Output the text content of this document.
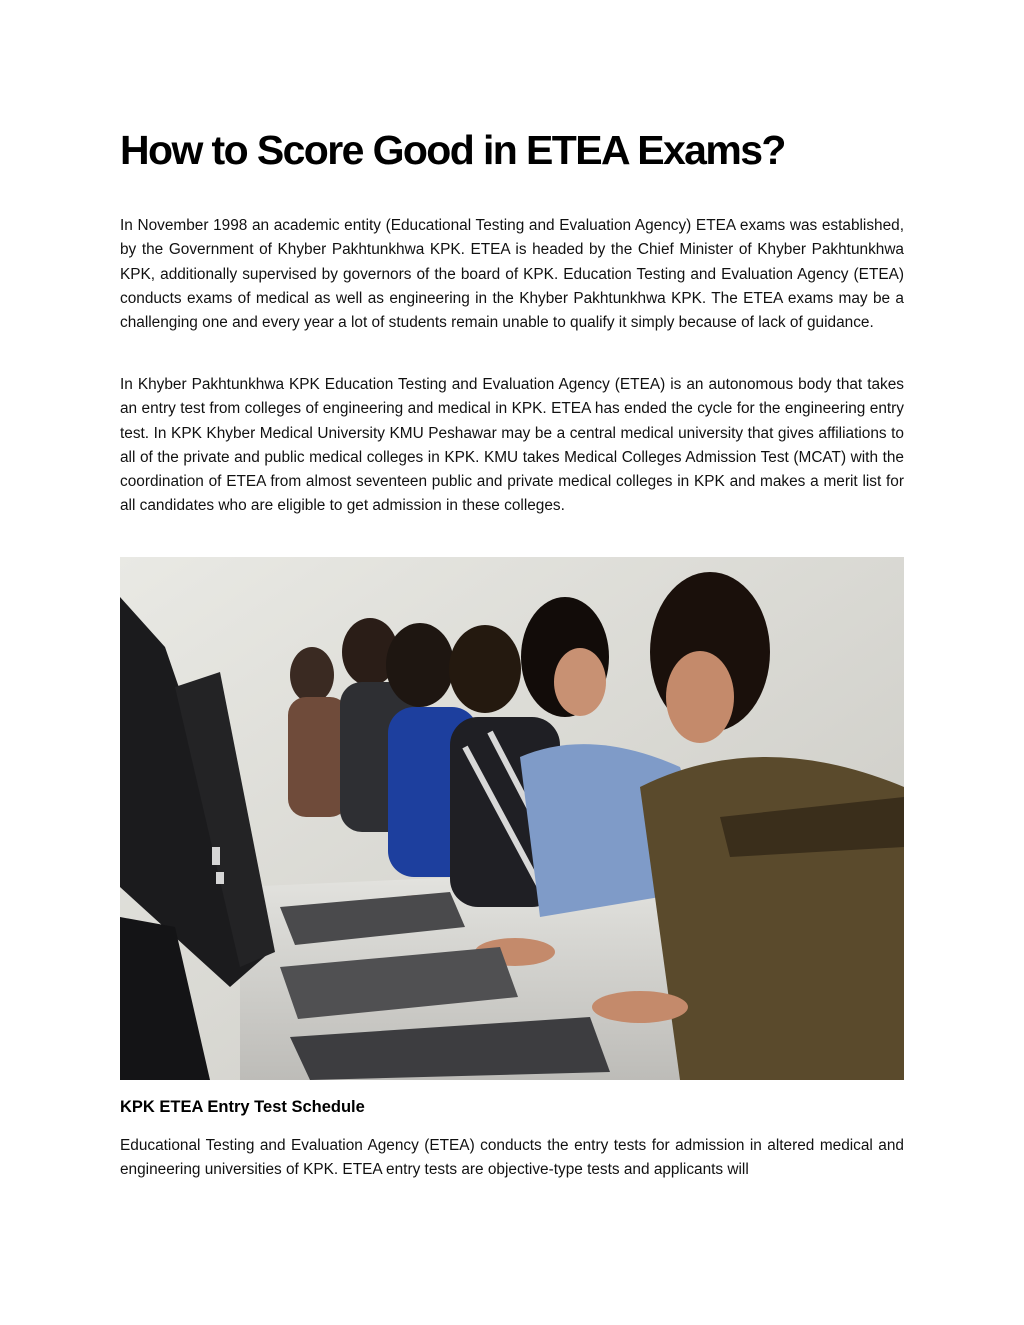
How to Score Good in ETEA Exams?

In November 1998 an academic entity (Educational Testing and Evaluation Agency) ETEA exams was established, by the Government of Khyber Pakhtunkhwa KPK. ETEA is headed by the Chief Minister of Khyber Pakhtunkhwa KPK, additionally supervised by governors of the board of KPK. Education Testing and Evaluation Agency (ETEA) conducts exams of medical as well as engineering in the Khyber Pakhtunkhwa KPK. The ETEA exams may be a challenging one and every year a lot of students remain unable to qualify it simply because of lack of guidance.

In Khyber Pakhtunkhwa KPK Education Testing and Evaluation Agency (ETEA) is an autonomous body that takes an entry test from colleges of engineering and medical in KPK. ETEA has ended the cycle for the engineering entry test. In KPK Khyber Medical University KMU Peshawar may be a central medical university that gives affiliations to all of the private and public medical colleges in KPK. KMU takes Medical Colleges Admission Test (MCAT) with the coordination of ETEA from almost seventeen public and private medical colleges in KPK and makes a merit list for all candidates who are eligible to get admission in these colleges.

KPK ETEA Entry Test Schedule

Educational Testing and Evaluation Agency (ETEA) conducts the entry tests for admission in altered medical and engineering universities of KPK. ETEA entry tests are objective-type tests and applicants will
